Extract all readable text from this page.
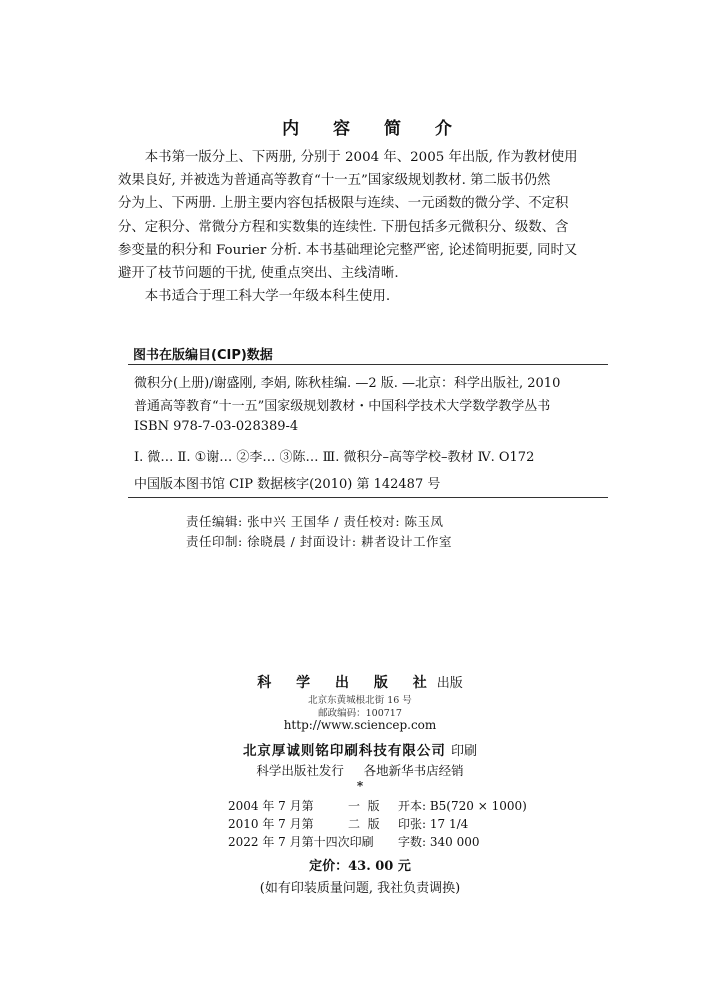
内 容 简 介

本书第一版分上、下两册, 分别于 2004 年、2005 年出版, 作为教材使用
效果良好, 并被选为普通高等教育“十一五”国家级规划教材. 第二版书仍然
分为上、下两册. 上册主要内容包括极限与连续、一元函数的微分学、不定积
分、定积分、常微分方程和实数集的连续性. 下册包括多元微积分、级数、含
参变量的积分和 Fourier 分析. 本书基础理论完整严密, 论述简明扼要, 同时又
避开了枝节问题的干扰, 使重点突出、主线清晰.

本书适合于理工科大学一年级本科生使用.

图书在版编目(CIP)数据
微积分(上册)/谢盛刚, 李娟, 陈秋桂编. —2 版. —北京：科学出版社, 2010
普通高等教育“十一五”国家级规划教材・中国科学技术大学数学教学丛书
ISBN 978-7-03-028389-4
Ⅰ. 微… Ⅱ. ①谢… ②李… ③陈… Ⅲ. 微积分–高等学校–教材 Ⅳ. O172
中国版本图书馆 CIP 数据核字(2010) 第 142487 号
责任编辑: 张中兴 王国华 / 责任校对: 陈玉凤
责任印制: 徐晓晨 / 封面设计: 耕者设计工作室
科 学 出 版 社出版
北京东黄城根北街 16 号
邮政编码：100717
http://www.sciencep.com
北京厚诚则铭印刷科技有限公司 印刷
科学出版社发行     各地新华书店经销
*
2004 年 7 月第	一  版 开本: B5(720 × 1000)
2010 年 7 月第	二  版 印张: 17 1/4
2022 年 7 月第十四次印刷 字数: 340 000
定价：43. 00 元
(如有印装质量问题, 我社负责调换)
